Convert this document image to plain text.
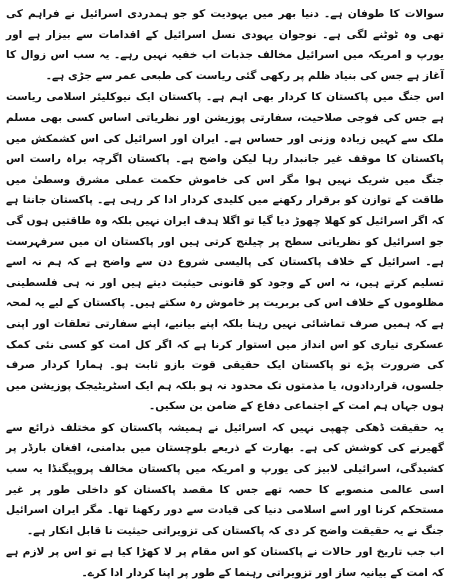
سوالات کا طوفان ہے۔ دنیا بھر میں یہودیت کو جو ہمدردی اسرائیل نے فراہم کی تھی وہ ٹوٹنے لگی ہے۔ نوجوان یہودی نسل اسرائیل کے اقدامات سے بیزار ہے اور یورپ و امریکہ میں اسرائیل مخالف جذبات اب خفیہ نہیں رہے۔ یہ سب اس زوال کا آغاز ہے جس کی بنیاد ظلم پر رکھی گئی ریاست کی طبعی عمر سے جڑی ہے۔

اس جنگ میں پاکستان کا کردار بھی اہم ہے۔ پاکستان ایک نیوکلیئر اسلامی ریاست ہے جس کی فوجی صلاحیت، سفارتی پوزیشن اور نظریاتی اساس کسی بھی مسلم ملک سے کہیں زیادہ وزنی اور حساس ہے۔ ایران اور اسرائیل کی اس کشمکش میں پاکستان کا موقف غیر جانبدار رہا لیکن واضح ہے۔ پاکستان اگرچہ براہ راست اس جنگ میں شریک نہیں ہوا مگر اس کی خاموش حکمت عملی مشرق وسطیٰ میں طاقت کے توازن کو برقرار رکھنے میں کلیدی کردار ادا کر رہی ہے۔ پاکستان جانتا ہے کہ اگر اسرائیل کو کھلا چھوڑ دیا گیا تو اگلا ہدف ایران نہیں بلکہ وہ طاقتیں ہوں گی جو اسرائیل کو نظریاتی سطح پر چیلنج کرتی ہیں اور پاکستان ان میں سرفہرست ہے۔ اسرائیل کے خلاف پاکستان کی پالیسی شروع دن سے واضح ہے کہ ہم نہ اسے تسلیم کرتے ہیں، نہ اس کے وجود کو قانونی حیثیت دیتے ہیں اور نہ ہی فلسطینی مظلوموں کے خلاف اس کی بربریت پر خاموش رہ سکتے ہیں۔ پاکستان کے لیے یہ لمحہ ہے کہ ہمیں صرف تماشائی نہیں رہنا بلکہ اپنے بیانیے، اپنے سفارتی تعلقات اور اپنی عسکری تیاری کو اس انداز میں استوار کرنا ہے کہ اگر کل امت کو کسی نئی کمک کی ضرورت پڑے تو پاکستان ایک حقیقی قوت بازو ثابت ہو۔ ہمارا کردار صرف جلسوں، قراردادوں، یا مذمتوں تک محدود نہ ہو بلکہ ہم ایک اسٹریٹیجک پوزیشن میں ہوں جہاں ہم امت کے اجتماعی دفاع کے ضامن بن سکیں۔

یہ حقیقت ڈھکی چھپی نہیں کہ اسرائیل نے ہمیشہ پاکستان کو مختلف ذرائع سے گھیرنے کی کوشش کی ہے۔ بھارت کے ذریعے بلوچستان میں بدامنی، افغان بارڈر پر کشیدگی، اسرائیلی لابیز کی یورپ و امریکہ میں پاکستان مخالف پروپیگنڈا یہ سب اسی عالمی منصوبے کا حصہ تھے جس کا مقصد پاکستان کو داخلی طور پر غیر مستحکم کرنا اور اسے اسلامی دنیا کی قیادت سے دور رکھنا تھا۔ مگر ایران اسرائیل جنگ نے یہ حقیقت واضح کر دی کہ پاکستان کی تزویراتی حیثیت نا قابل انکار ہے۔

اب جب تاریخ اور حالات نے پاکستان کو اس مقام پر لا کھڑا کیا ہے تو اس پر لازم ہے کہ امت کے بیانیہ ساز اور تزویراتی رہنما کے طور پر اپنا کردار ادا کرے۔
